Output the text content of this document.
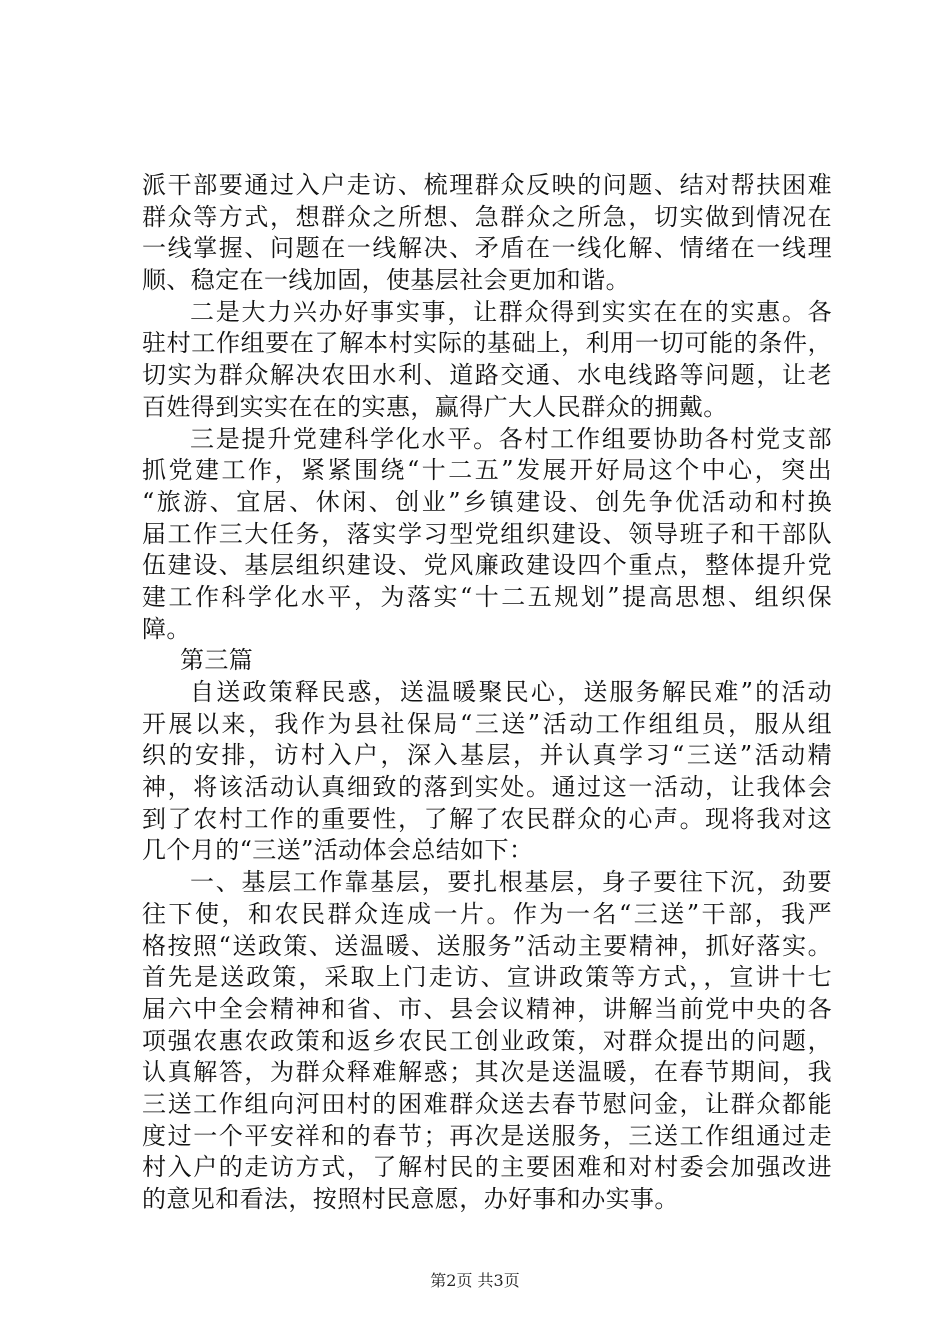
派干部要通过入户走访、梳理群众反映的问题、结对帮扶困难
群众等方式，想群众之所想、急群众之所急，切实做到情况在
一线掌握、问题在一线解决、矛盾在一线化解、情绪在一线理
顺、稳定在一线加固，使基层社会更加和谐。
二是大力兴办好事实事，让群众得到实实在在的实惠。各
驻村工作组要在了解本村实际的基础上，利用一切可能的条件，
切实为群众解决农田水利、道路交通、水电线路等问题，让老
百姓得到实实在在的实惠，赢得广大人民群众的拥戴。
三是提升党建科学化水平。各村工作组要协助各村党支部
抓党建工作，紧紧围绕“十二五”发展开好局这个中心，突出
“旅游、宜居、休闲、创业”乡镇建设、创先争优活动和村换
届工作三大任务，落实学习型党组织建设、领导班子和干部队
伍建设、基层组织建设、党风廉政建设四个重点，整体提升党
建工作科学化水平，为落实“十二五规划”提高思想、组织保
障。
第三篇
自送政策释民惑，送温暖聚民心，送服务解民难”的活动
开展以来，我作为县社保局“三送”活动工作组组员，服从组
织的安排，访村入户，深入基层，并认真学习“三送”活动精
神，将该活动认真细致的落到实处。通过这一活动，让我体会
到了农村工作的重要性，了解了农民群众的心声。现将我对这
几个月的“三送”活动体会总结如下：
一、基层工作靠基层，要扎根基层，身子要往下沉，劲要
往下使，和农民群众连成一片。作为一名“三送”干部，我严
格按照“送政策、送温暖、送服务”活动主要精神，抓好落实。
首先是送政策，采取上门走访、宣讲政策等方式，，宣讲十七
届六中全会精神和省、市、县会议精神，讲解当前党中央的各
项强农惠农政策和返乡农民工创业政策，对群众提出的问题，
认真解答，为群众释难解惑；其次是送温暖，在春节期间，我
三送工作组向河田村的困难群众送去春节慰问金，让群众都能
度过一个平安祥和的春节；再次是送服务，三送工作组通过走
村入户的走访方式，了解村民的主要困难和对村委会加强改进
的意见和看法，按照村民意愿，办好事和办实事。
第2页 共3页
